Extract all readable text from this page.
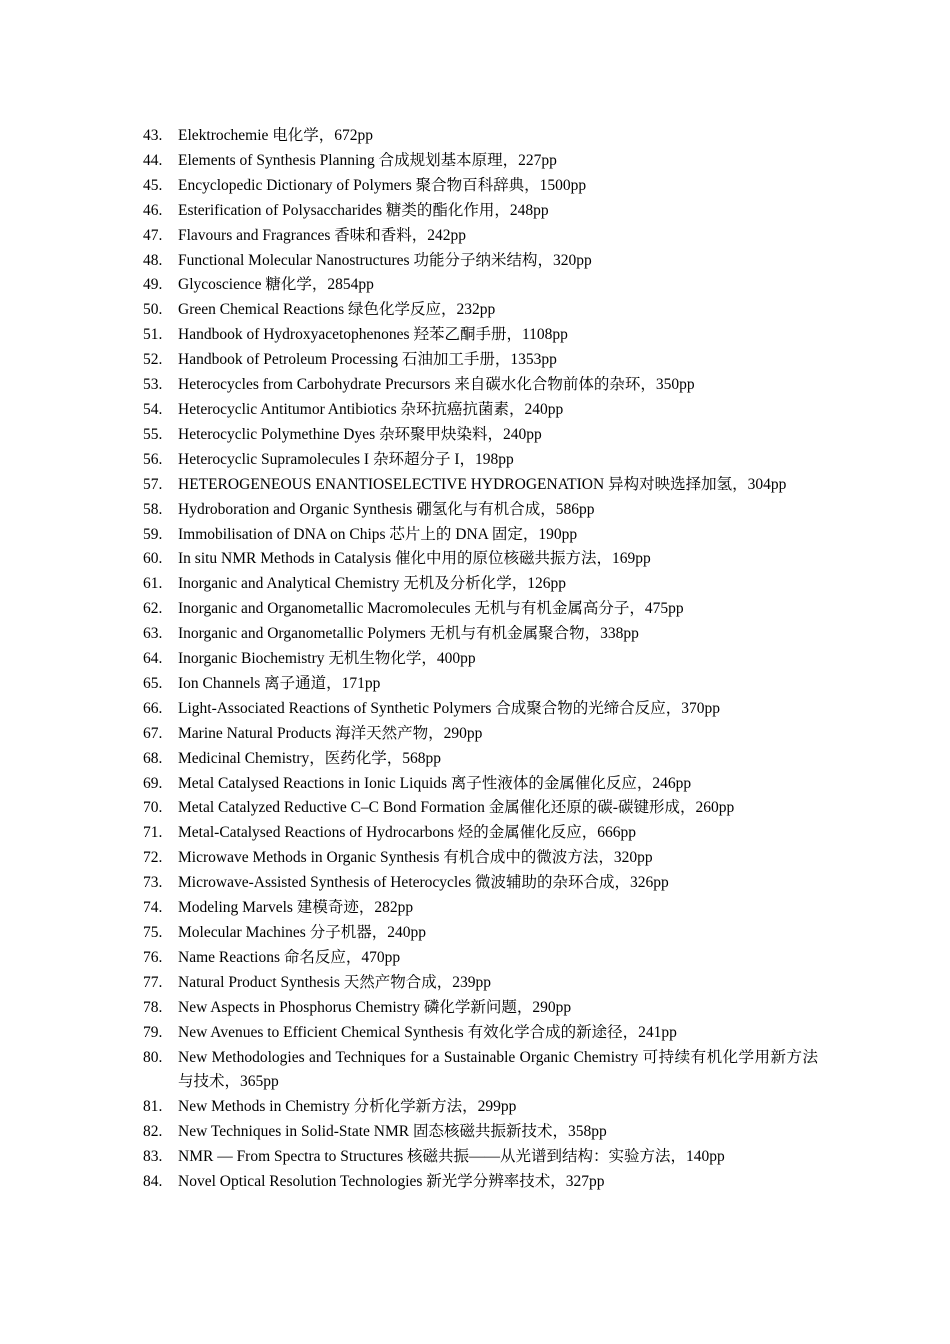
43.	Elektrochemie 电化学，672pp
44.	Elements of Synthesis Planning 合成规划基本原理，227pp
45.	Encyclopedic Dictionary of Polymers 聚合物百科辞典，1500pp
46.	Esterification of Polysaccharides 糖类的酯化作用，248pp
47.	Flavours and Fragrances 香味和香料，242pp
48.	Functional Molecular Nanostructures 功能分子纳米结构，320pp
49.	Glycoscience 糖化学，2854pp
50.	Green Chemical Reactions 绿色化学反应，232pp
51.	Handbook of Hydroxyacetophenones 羟苯乙酮手册，1108pp
52.	Handbook of Petroleum Processing 石油加工手册，1353pp
53.	Heterocycles from Carbohydrate Precursors 来自碳水化合物前体的杂环，350pp
54.	Heterocyclic Antitumor Antibiotics 杂环抗癌抗菌素，240pp
55.	Heterocyclic Polymethine Dyes 杂环聚甲炔染料，240pp
56.	Heterocyclic Supramolecules I 杂环超分子 I，198pp
57.	HETEROGENEOUS ENANTIOSELECTIVE HYDROGENATION 异构对映选择加氢，304pp
58.	Hydroboration and Organic Synthesis 硼氢化与有机合成，586pp
59.	Immobilisation of DNA on Chips 芯片上的 DNA 固定，190pp
60.	In situ NMR Methods in Catalysis 催化中用的原位核磁共振方法，169pp
61.	Inorganic and Analytical Chemistry 无机及分析化学，126pp
62.	Inorganic and Organometallic Macromolecules 无机与有机金属高分子，475pp
63.	Inorganic and Organometallic Polymers 无机与有机金属聚合物，338pp
64.	Inorganic Biochemistry 无机生物化学，400pp
65.	Ion Channels 离子通道，171pp
66.	Light-Associated Reactions of Synthetic Polymers 合成聚合物的光缔合反应，370pp
67.	Marine Natural Products 海洋天然产物，290pp
68.	Medicinal Chemistry，医药化学，568pp
69.	Metal Catalysed Reactions in Ionic Liquids 离子性液体的金属催化反应，246pp
70.	Metal Catalyzed Reductive C–C Bond Formation 金属催化还原的碳-碳键形成，260pp
71.	Metal-Catalysed Reactions of Hydrocarbons 烃的金属催化反应，666pp
72.	Microwave Methods in Organic Synthesis 有机合成中的微波方法，320pp
73.	Microwave-Assisted Synthesis of Heterocycles 微波辅助的杂环合成，326pp
74.	Modeling Marvels 建模奇迹，282pp
75.	Molecular Machines 分子机器，240pp
76.	Name Reactions 命名反应，470pp
77.	Natural Product Synthesis 天然产物合成，239pp
78.	New Aspects in Phosphorus Chemistry 磷化学新问题，290pp
79.	New Avenues to Efficient Chemical Synthesis 有效化学合成的新途径，241pp
80.	New Methodologies and Techniques for a Sustainable Organic Chemistry 可持续有机化学用新方法与技术，365pp
81.	New Methods in Chemistry 分析化学新方法，299pp
82.	New Techniques in Solid-State NMR 固态核磁共振新技术，358pp
83.	NMR — From Spectra to Structures 核磁共振——从光谱到结构：实验方法，140pp
84.	Novel Optical Resolution Technologies 新光学分辨率技术，327pp
